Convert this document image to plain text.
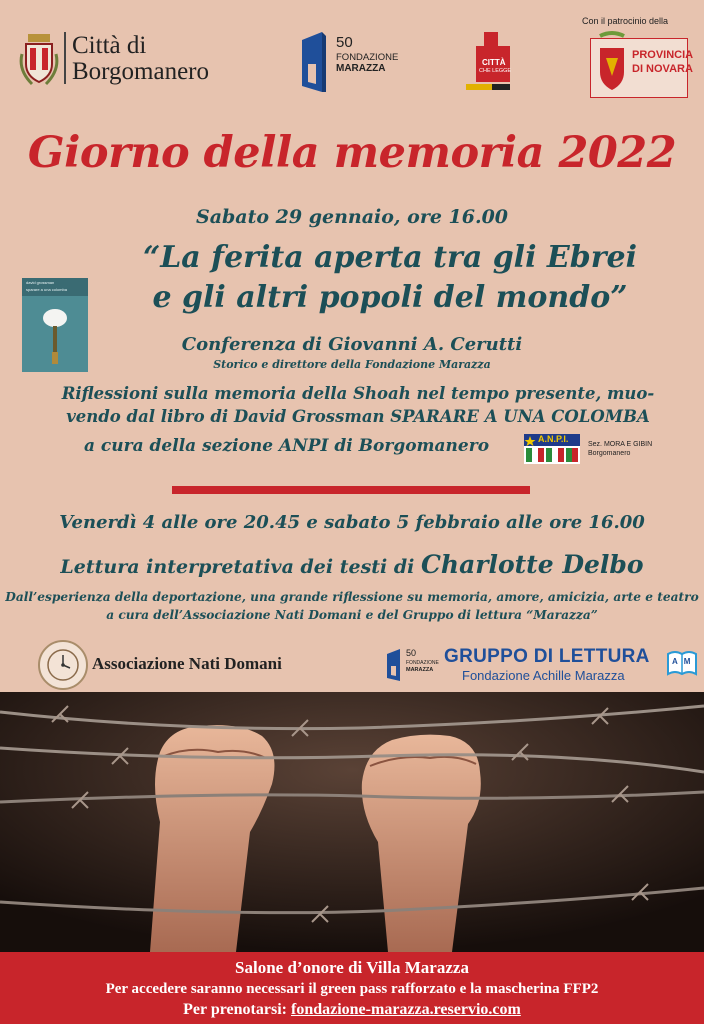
Città di
Borgomanero
50
FONDAZIONE
MARAZZA
CITTÀ
CHE LEGGE
Con il patrocinio della
PROVINCIA
DI NOVARA
Giorno della memoria 2022
Sabato 29 gennaio, ore 16.00
“La ferita aperta tra gli Ebrei
e gli altri popoli del mondo”
david grossman
sparare a una colomba
Conferenza di Giovanni A. Cerutti
Storico e direttore della Fondazione Marazza
Riflessioni sulla memoria della Shoah nel tempo presente, muo-
vendo dal libro di David Grossman SPARARE A UNA COLOMBA
a cura della sezione ANPI di Borgomanero	A.N.P.I.
Sez. MORA E GIBIN
Borgomanero
Venerdì 4 alle ore 20.45 e sabato 5 febbraio alle ore 16.00
Lettura interpretativa dei testi di Charlotte Delbo
Dall’esperienza della deportazione, una grande riflessione su memoria, amore, amicizia, arte e teatro
a cura dell’Associazione Nati Domani e del Gruppo di lettura “Marazza”
Associazione Nati Domani
50
FONDAZIONE
MARAZZA
GRUPPO DI LETTURA
Fondazione Achille Marazza
A M
Salone d’onore di Villa Marazza
Per accedere saranno necessari il green pass rafforzato e la mascherina FFP2
Per prenotarsi: fondazione-marazza.reservio.com
